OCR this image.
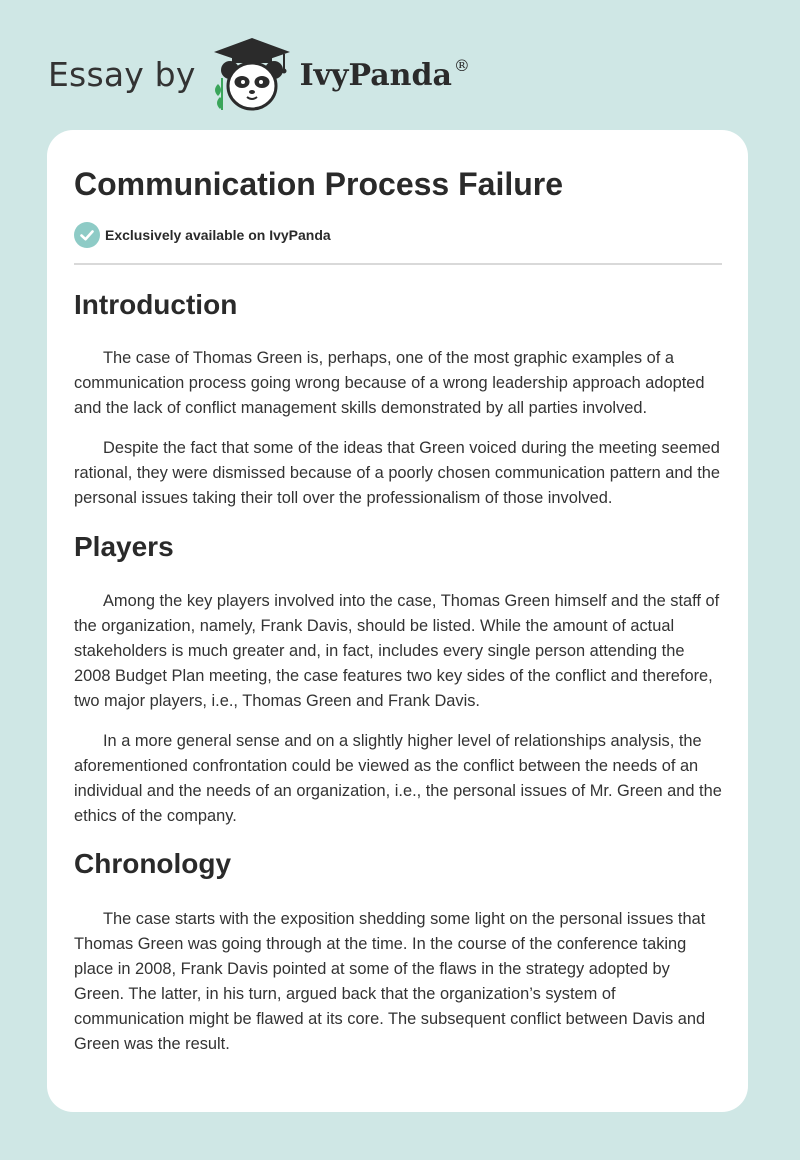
Essay by	IvyPanda ®
Communication Process Failure
Exclusively available on IvyPanda
Introduction

The case of Thomas Green is, perhaps, one of the most graphic examples of a communication process going wrong because of a wrong leadership approach adopted and the lack of conflict management skills demonstrated by all parties involved.

Despite the fact that some of the ideas that Green voiced during the meeting seemed rational, they were dismissed because of a poorly chosen communication pattern and the personal issues taking their toll over the professionalism of those involved.

Players

Among the key players involved into the case, Thomas Green himself and the staff of the organization, namely, Frank Davis, should be listed. While the amount of actual stakeholders is much greater and, in fact, includes every single person attending the 2008 Budget Plan meeting, the case features two key sides of the conflict and therefore, two major players, i.e., Thomas Green and Frank Davis.

In a more general sense and on a slightly higher level of relationships analysis, the aforementioned confrontation could be viewed as the conflict between the needs of an individual and the needs of an organization, i.e., the personal issues of Mr. Green and the ethics of the company.

Chronology

The case starts with the exposition shedding some light on the personal issues that Thomas Green was going through at the time. In the course of the conference taking place in 2008, Frank Davis pointed at some of the flaws in the strategy adopted by Green. The latter, in his turn, argued back that the organization’s system of communication might be flawed at its core. The subsequent conflict between Davis and Green was the result.
